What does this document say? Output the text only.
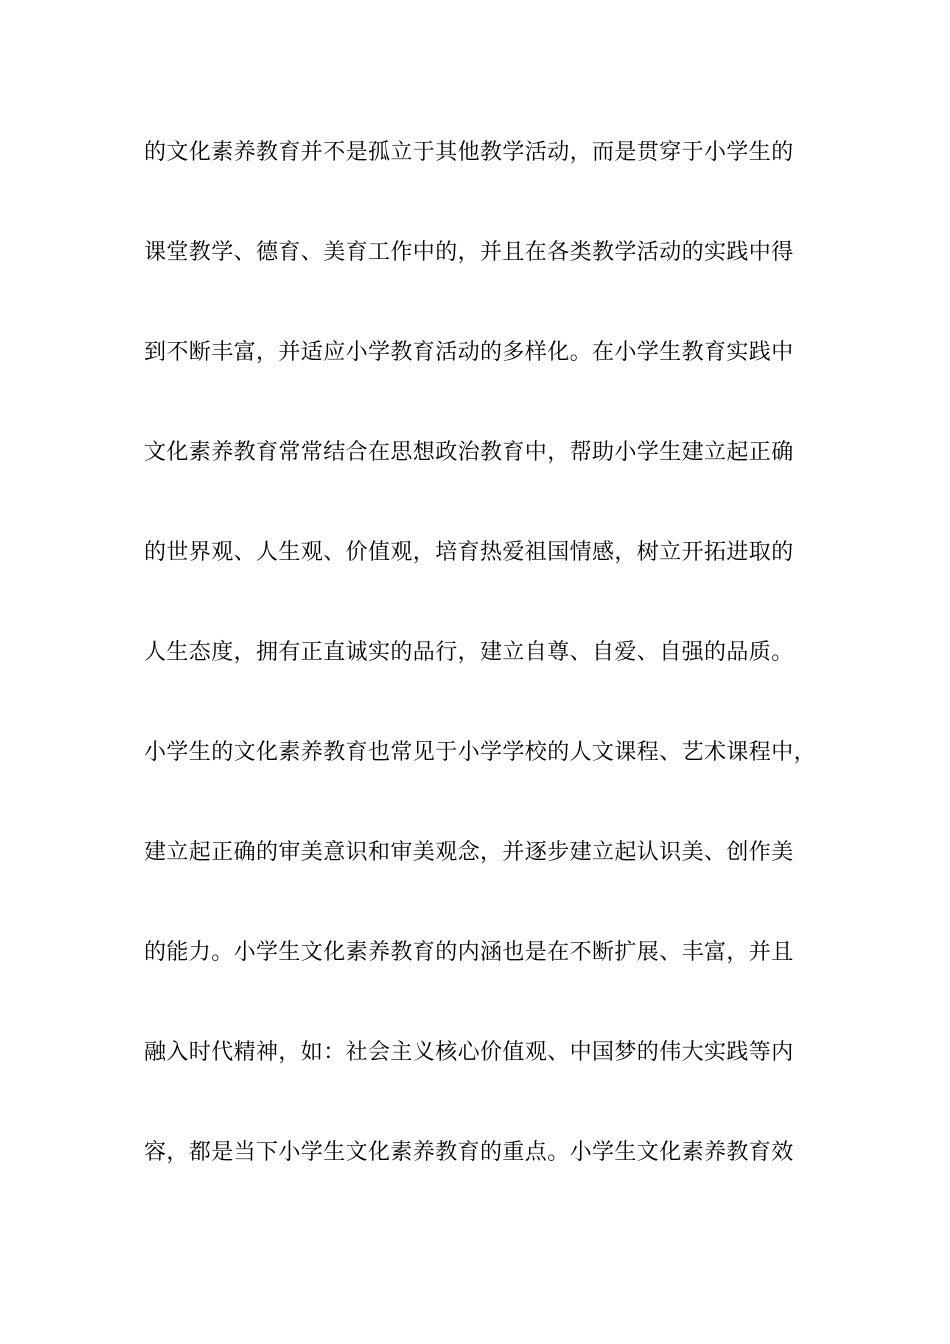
的文化素养教育并不是孤立于其他教学活动，而是贯穿于小学生的
课堂教学、德育、美育工作中的，并且在各类教学活动的实践中得
到不断丰富，并适应小学教育活动的多样化。在小学生教育实践中
文化素养教育常常结合在思想政治教育中，帮助小学生建立起正确
的世界观、人生观、价值观，培育热爱祖国情感，树立开拓进取的
人生态度，拥有正直诚实的品行，建立自尊、自爱、自强的品质。
小学生的文化素养教育也常见于小学学校的人文课程、艺术课程中，
建立起正确的审美意识和审美观念，并逐步建立起认识美、创作美
的能力。小学生文化素养教育的内涵也是在不断扩展、丰富，并且
融入时代精神，如：社会主义核心价值观、中国梦的伟大实践等内
容，都是当下小学生文化素养教育的重点。小学生文化素养教育效
